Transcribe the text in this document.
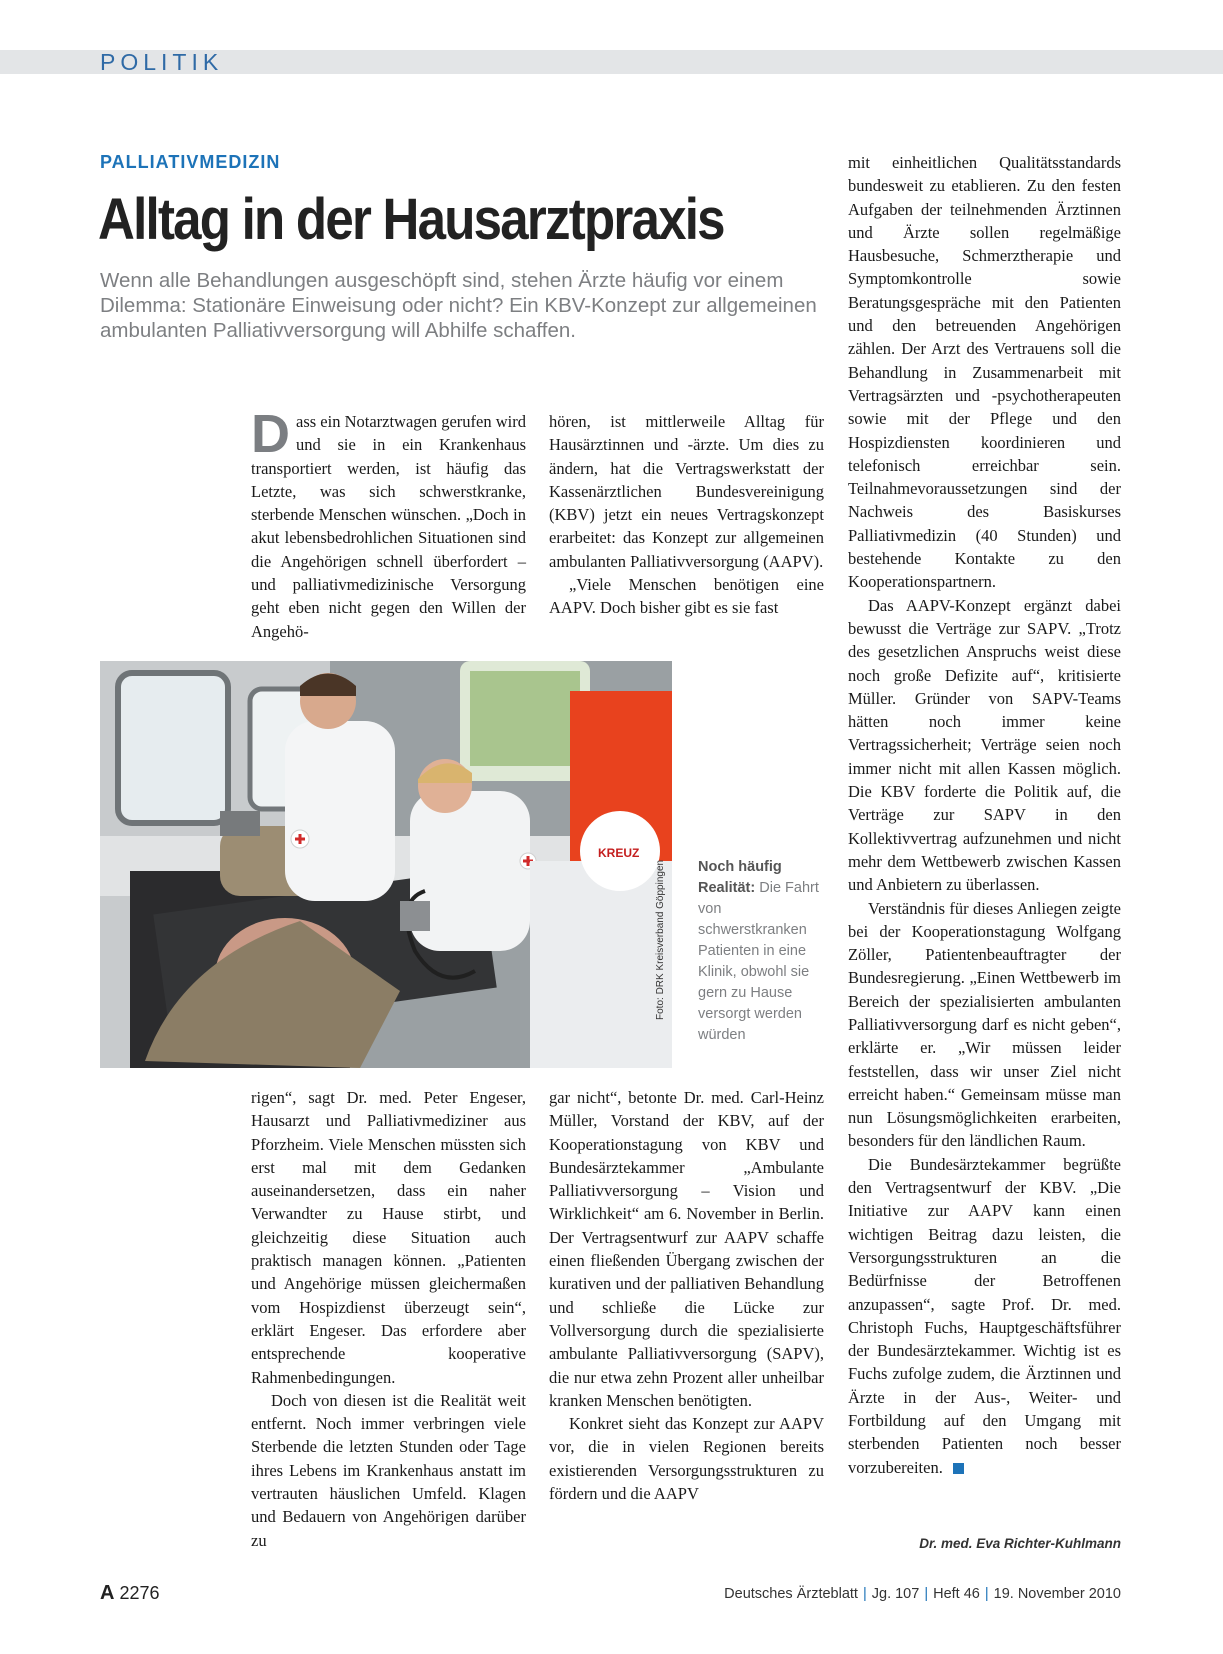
POLITIK
PALLIATIVMEDIZIN
Alltag in der Hausarztpraxis

Wenn alle Behandlungen ausgeschöpft sind, stehen Ärzte häufig vor einem Dilemma: Stationäre Einweisung oder nicht? Ein KBV-Konzept zur allgemeinen ambulanten Palliativversorgung will Abhilfe schaffen.

Dass ein Notarztwagen gerufen wird und sie in ein Krankenhaus transportiert werden, ist häufig das Letzte, was sich schwerstkranke, sterbende Menschen wünschen. „Doch in akut lebensbedrohlichen Situationen sind die Angehörigen schnell überfordert – und palliativmedizinische Versorgung geht eben nicht gegen den Willen der Angehö-

hören, ist mittlerweile Alltag für Hausärztinnen und -ärzte. Um dies zu ändern, hat die Vertragswerkstatt der Kassenärztlichen Bundesvereinigung (KBV) jetzt ein neues Vertragskonzept erarbeitet: das Konzept zur allgemeinen ambulanten Palliativversorgung (AAPV).

„Viele Menschen benötigen eine AAPV. Doch bisher gibt es sie fast

KREUZ
Foto: DRK Kreisverband Göppingen Noch häufig Realität: Die Fahrt von schwerstkranken Patienten in eine Klinik, obwohl sie gern zu Hause versorgt werden würden

rigen“, sagt Dr. med. Peter Engeser, Hausarzt und Palliativmediziner aus Pforzheim. Viele Menschen müssten sich erst mal mit dem Gedanken auseinandersetzen, dass ein naher Verwandter zu Hause stirbt, und gleichzeitig diese Situation auch praktisch managen können. „Patienten und Angehörige müssen gleichermaßen vom Hospizdienst überzeugt sein“, erklärt Engeser. Das erfordere aber entsprechende kooperative Rahmenbedingungen.

Doch von diesen ist die Realität weit entfernt. Noch immer verbringen viele Sterbende die letzten Stunden oder Tage ihres Lebens im Krankenhaus anstatt im vertrauten häuslichen Umfeld. Klagen und Bedauern von Angehörigen darüber zu

gar nicht“, betonte Dr. med. Carl-Heinz Müller, Vorstand der KBV, auf der Kooperationstagung von KBV und Bundesärztekammer „Ambulante Palliativversorgung – Vision und Wirklichkeit“ am 6. November in Berlin. Der Vertragsentwurf zur AAPV schaffe einen fließenden Übergang zwischen der kurativen und der palliativen Behandlung und schließe die Lücke zur Vollversorgung durch die spezialisierte ambulante Palliativversorgung (SAPV), die nur etwa zehn Prozent aller unheilbar kranken Menschen benötigten.

Konkret sieht das Konzept zur AAPV vor, die in vielen Regionen bereits existierenden Versorgungsstrukturen zu fördern und die AAPV

mit einheitlichen Qualitätsstandards bundesweit zu etablieren. Zu den festen Aufgaben der teilnehmenden Ärztinnen und Ärzte sollen regelmäßige Hausbesuche, Schmerztherapie und Symptomkontrolle sowie Beratungsgespräche mit den Patienten und den betreuenden Angehörigen zählen. Der Arzt des Vertrauens soll die Behandlung in Zusammenarbeit mit Vertragsärzten und -psychotherapeuten sowie mit der Pflege und den Hospizdiensten koordinieren und telefonisch erreichbar sein. Teilnahmevoraussetzungen sind der Nachweis des Basiskurses Palliativmedizin (40 Stunden) und bestehende Kontakte zu den Kooperationspartnern.

Das AAPV-Konzept ergänzt dabei bewusst die Verträge zur SAPV. „Trotz des gesetzlichen Anspruchs weist diese noch große Defizite auf“, kritisierte Müller. Gründer von SAPV-Teams hätten noch immer keine Vertragssicherheit; Verträge seien noch immer nicht mit allen Kassen möglich. Die KBV forderte die Politik auf, die Verträge zur SAPV in den Kollektivvertrag aufzunehmen und nicht mehr dem Wettbewerb zwischen Kassen und Anbietern zu überlassen.

Verständnis für dieses Anliegen zeigte bei der Kooperationstagung Wolfgang Zöller, Patientenbeauftragter der Bundesregierung. „Einen Wettbewerb im Bereich der spezialisierten ambulanten Palliativversorgung darf es nicht geben“, erklärte er. „Wir müssen leider feststellen, dass wir unser Ziel nicht erreicht haben.“ Gemeinsam müsse man nun Lösungsmöglichkeiten erarbeiten, besonders für den ländlichen Raum.

Die Bundesärztekammer begrüßte den Vertragsentwurf der KBV. „Die Initiative zur AAPV kann einen wichtigen Beitrag dazu leisten, die Versorgungsstrukturen an die Bedürfnisse der Betroffenen anzupassen“, sagte Prof. Dr. med. Christoph Fuchs, Hauptgeschäftsführer der Bundesärztekammer. Wichtig ist es Fuchs zufolge zudem, die Ärztinnen und Ärzte in der Aus-, Weiter- und Fortbildung auf den Umgang mit sterbenden Patienten noch besser vorzubereiten.

Dr. med. Eva Richter-Kuhlmann
A 2276	Deutsches Ärzteblatt | Jg. 107 | Heft 46 | 19. November 2010
